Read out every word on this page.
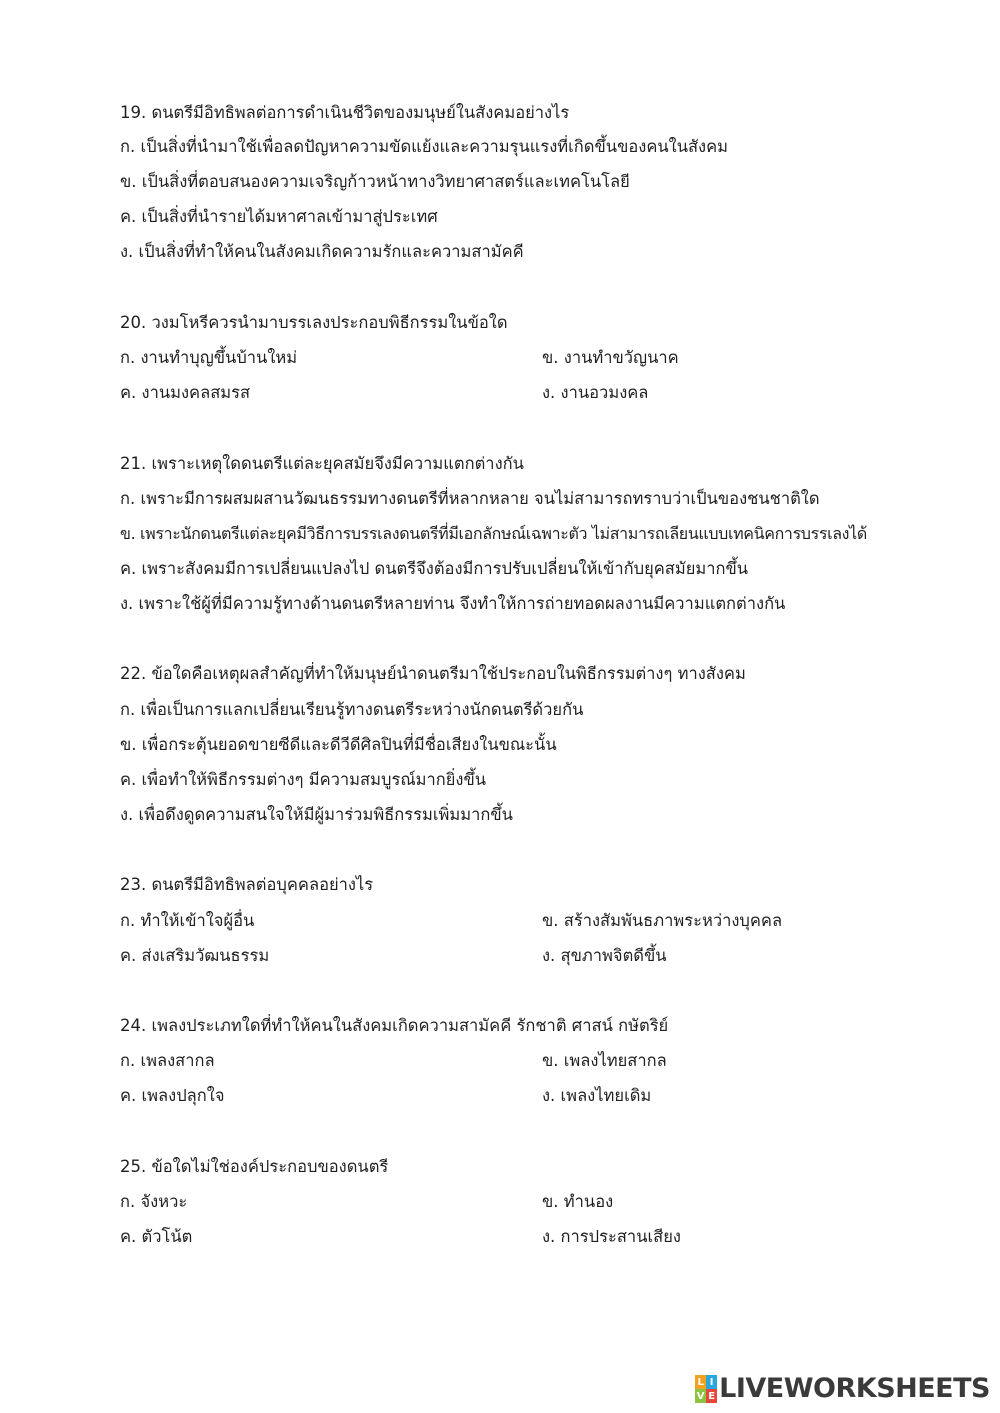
19. ดนตรีมีอิทธิพลต่อการดำเนินชีวิตของมนุษย์ในสังคมอย่างไร
ก. เป็นสิ่งที่นำมาใช้เพื่อลดปัญหาความขัดแย้งและความรุนแรงที่เกิดขึ้นของคนในสังคม
ข. เป็นสิ่งที่ตอบสนองความเจริญก้าวหน้าทางวิทยาศาสตร์และเทคโนโลยี
ค. เป็นสิ่งที่นำรายได้มหาศาลเข้ามาสู่ประเทศ
ง. เป็นสิ่งที่ทำให้คนในสังคมเกิดความรักและความสามัคคี
20. วงมโหรีควรนำมาบรรเลงประกอบพิธีกรรมในข้อใด
ก. งานทำบุญขึ้นบ้านใหม่	ข. งานทำขวัญนาค
ค. งานมงคลสมรส	ง. งานอวมงคล
21. เพราะเหตุใดดนตรีแต่ละยุคสมัยจึงมีความแตกต่างกัน
ก. เพราะมีการผสมผสานวัฒนธรรมทางดนตรีที่หลากหลาย จนไม่สามารถทราบว่าเป็นของชนชาติใด
ข. เพราะนักดนตรีแต่ละยุคมีวิธีการบรรเลงดนตรีที่มีเอกลักษณ์เฉพาะตัว ไม่สามารถเลียนแบบเทคนิคการบรรเลงได้
ค. เพราะสังคมมีการเปลี่ยนแปลงไป ดนตรีจึงต้องมีการปรับเปลี่ยนให้เข้ากับยุคสมัยมากขึ้น
ง. เพราะใช้ผู้ที่มีความรู้ทางด้านดนตรีหลายท่าน จึงทำให้การถ่ายทอดผลงานมีความแตกต่างกัน
22. ข้อใดคือเหตุผลสำคัญที่ทำให้มนุษย์นำดนตรีมาใช้ประกอบในพิธีกรรมต่างๆ ทางสังคม
ก. เพื่อเป็นการแลกเปลี่ยนเรียนรู้ทางดนตรีระหว่างนักดนตรีด้วยกัน
ข. เพื่อกระตุ้นยอดขายซีดีและดีวีดีศิลปินที่มีชื่อเสียงในขณะนั้น
ค. เพื่อทำให้พิธีกรรมต่างๆ มีความสมบูรณ์มากยิ่งขึ้น
ง. เพื่อดึงดูดความสนใจให้มีผู้มาร่วมพิธีกรรมเพิ่มมากขึ้น
23. ดนตรีมีอิทธิพลต่อบุคคลอย่างไร
ก. ทำให้เข้าใจผู้อื่น	ข. สร้างสัมพันธภาพระหว่างบุคคล
ค. ส่งเสริมวัฒนธรรม	ง. สุขภาพจิตดีขึ้น
24. เพลงประเภทใดที่ทำให้คนในสังคมเกิดความสามัคคี รักชาติ ศาสน์ กษัตริย์
ก. เพลงสากล	ข. เพลงไทยสากล
ค. เพลงปลุกใจ	ง. เพลงไทยเดิม
25. ข้อใดไม่ใช่องค์ประกอบของดนตรี
ก. จังหวะ	ข. ทำนอง
ค. ตัวโน้ต	ง. การประสานเสียง
L I
V E LIVEWORKSHEETS
